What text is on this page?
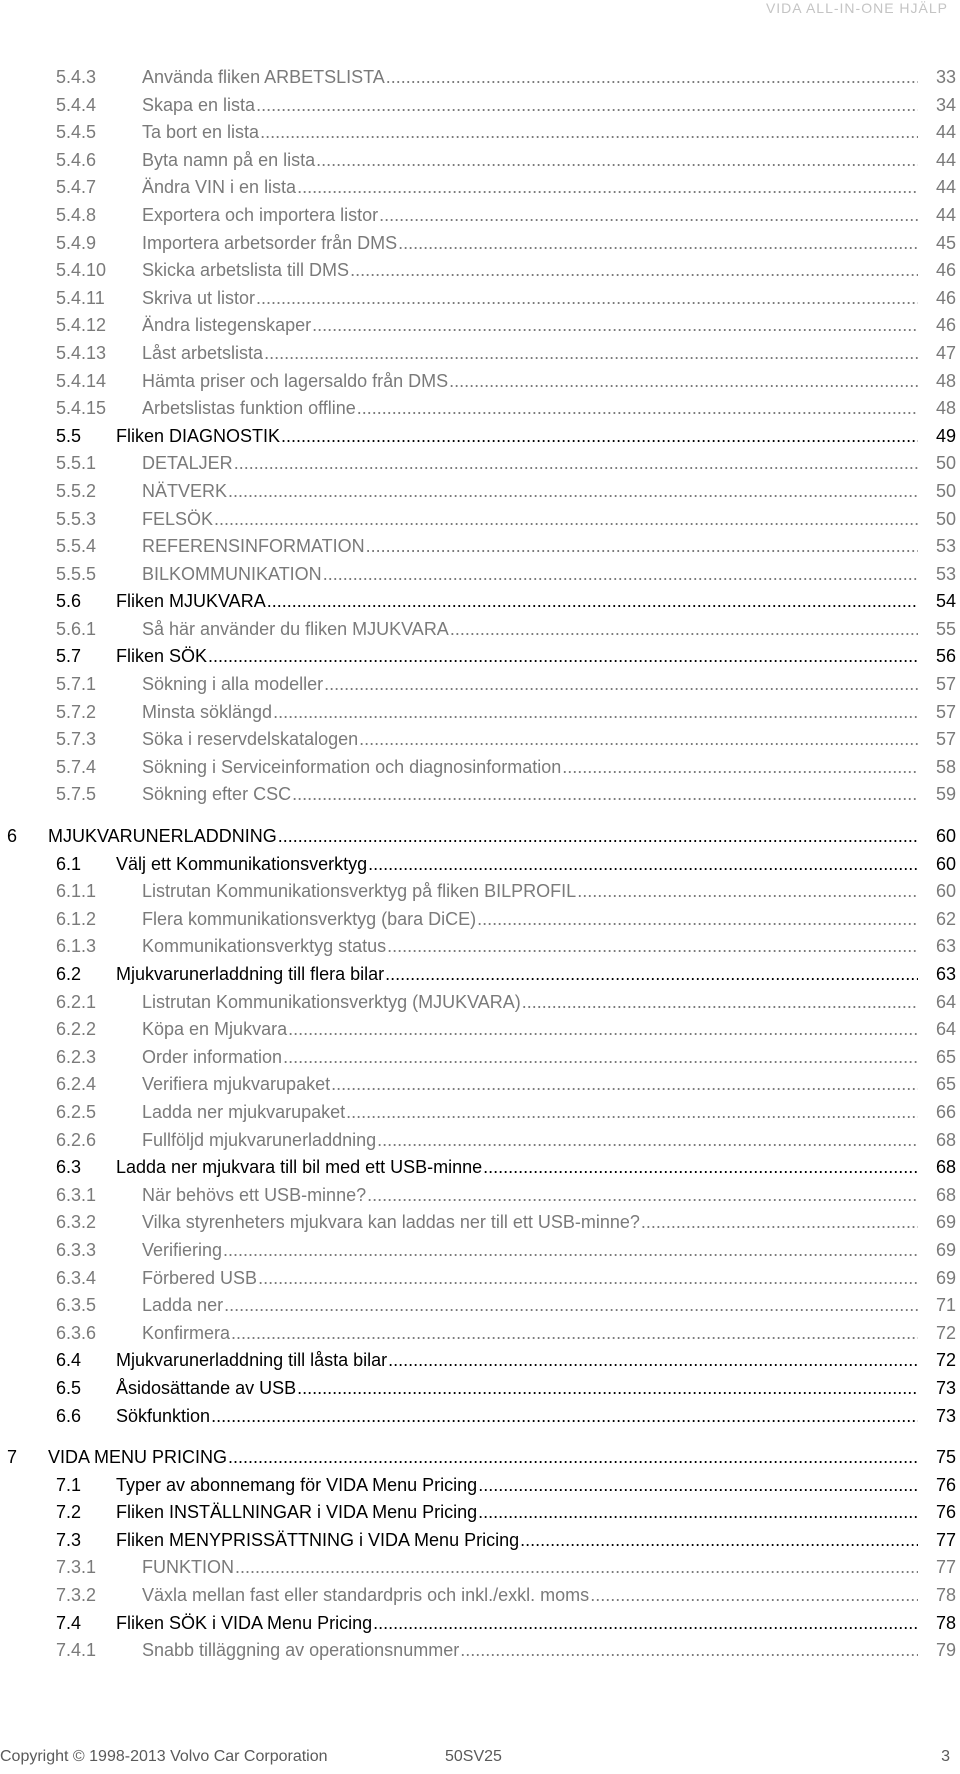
VIDA ALL-IN-ONE HJÄLP
5.4.3	Använda fliken ARBETSLISTA .....	33
5.4.4	Skapa en lista .....	34
5.4.5	Ta bort en lista .....	44
5.4.6	Byta namn på en lista .....	44
5.4.7	Ändra VIN i en lista .....	44
5.4.8	Exportera och importera listor .....	44
5.4.9	Importera arbetsorder från DMS .....	45
5.4.10 Skicka arbetslista till DMS .....	46
5.4.11 Skriva ut listor .....	46
5.4.12 Ändra listegenskaper .....	46
5.4.13 Låst arbetslista .....	47
5.4.14 Hämta priser och lagersaldo från DMS .....	48
5.4.15 Arbetslistas funktion offline .....	48
5.5 Fliken DIAGNOSTIK .....	49
5.5.1	DETALJER .....	50
5.5.2	NÄTVERK .....	50
5.5.3	FELSÖK .....	50
5.5.4	REFERENSINFORMATION .....	53
5.5.5	BILKOMMUNIKATION .....	53
5.6 Fliken MJUKVARA .....	54
5.6.1	Så här använder du fliken MJUKVARA .....	55
5.7 Fliken SÖK .....	56
5.7.1	Sökning i alla modeller .....	57
5.7.2	Minsta söklängd .....	57
5.7.3	Söka i reservdelskatalogen .....	57
5.7.4	Sökning i Serviceinformation och diagnosinformation .....	58
5.7.5	Sökning efter CSC .....	59
6 MJUKVARUNERLADDNING .....	60
6.1 Välj ett Kommunikationsverktyg .....	60
6.1.1	Listrutan Kommunikationsverktyg på fliken BILPROFIL .....	60
6.1.2	Flera kommunikationsverktyg (bara DiCE) .....	62
6.1.3	Kommunikationsverktyg status .....	63
6.2 Mjukvarunerladdning till flera bilar .....	63
6.2.1	Listrutan Kommunikationsverktyg (MJUKVARA) .....	64
6.2.2	Köpa en Mjukvara .....	64
6.2.3	Order information .....	65
6.2.4	Verifiera mjukvarupaket .....	65
6.2.5	Ladda ner mjukvarupaket .....	66
6.2.6	Fullföljd mjukvarunerladdning .....	68
6.3 Ladda ner mjukvara till bil med ett USB-minne .....	68
6.3.1	När behövs ett USB-minne? .....	68
6.3.2	Vilka styrenheters mjukvara kan laddas ner till ett USB-minne? .....	69
6.3.3	Verifiering .....	69
6.3.4	Förbered USB .....	69
6.3.5	Ladda ner .....	71
6.3.6	Konfirmera .....	72
6.4 Mjukvarunerladdning till låsta bilar .....	72
6.5 Åsidosättande av USB .....	73
6.6 Sökfunktion .....	73
7 VIDA MENU PRICING .....	75
7.1 Typer av abonnemang för VIDA Menu Pricing .....	76
7.2 Fliken INSTÄLLNINGAR i VIDA Menu Pricing .....	76
7.3 Fliken MENYPRISSÄTTNING i VIDA Menu Pricing .....	77
7.3.1	FUNKTION .....	77
7.3.2	Växla mellan fast eller standardpris och inkl./exkl. moms .....	78
7.4 Fliken SÖK i VIDA Menu Pricing .....	78
7.4.1	Snabb tilläggning av operationsnummer .....	79
Copyright © 1998-2013 Volvo Car Corporation	50SV25	3
